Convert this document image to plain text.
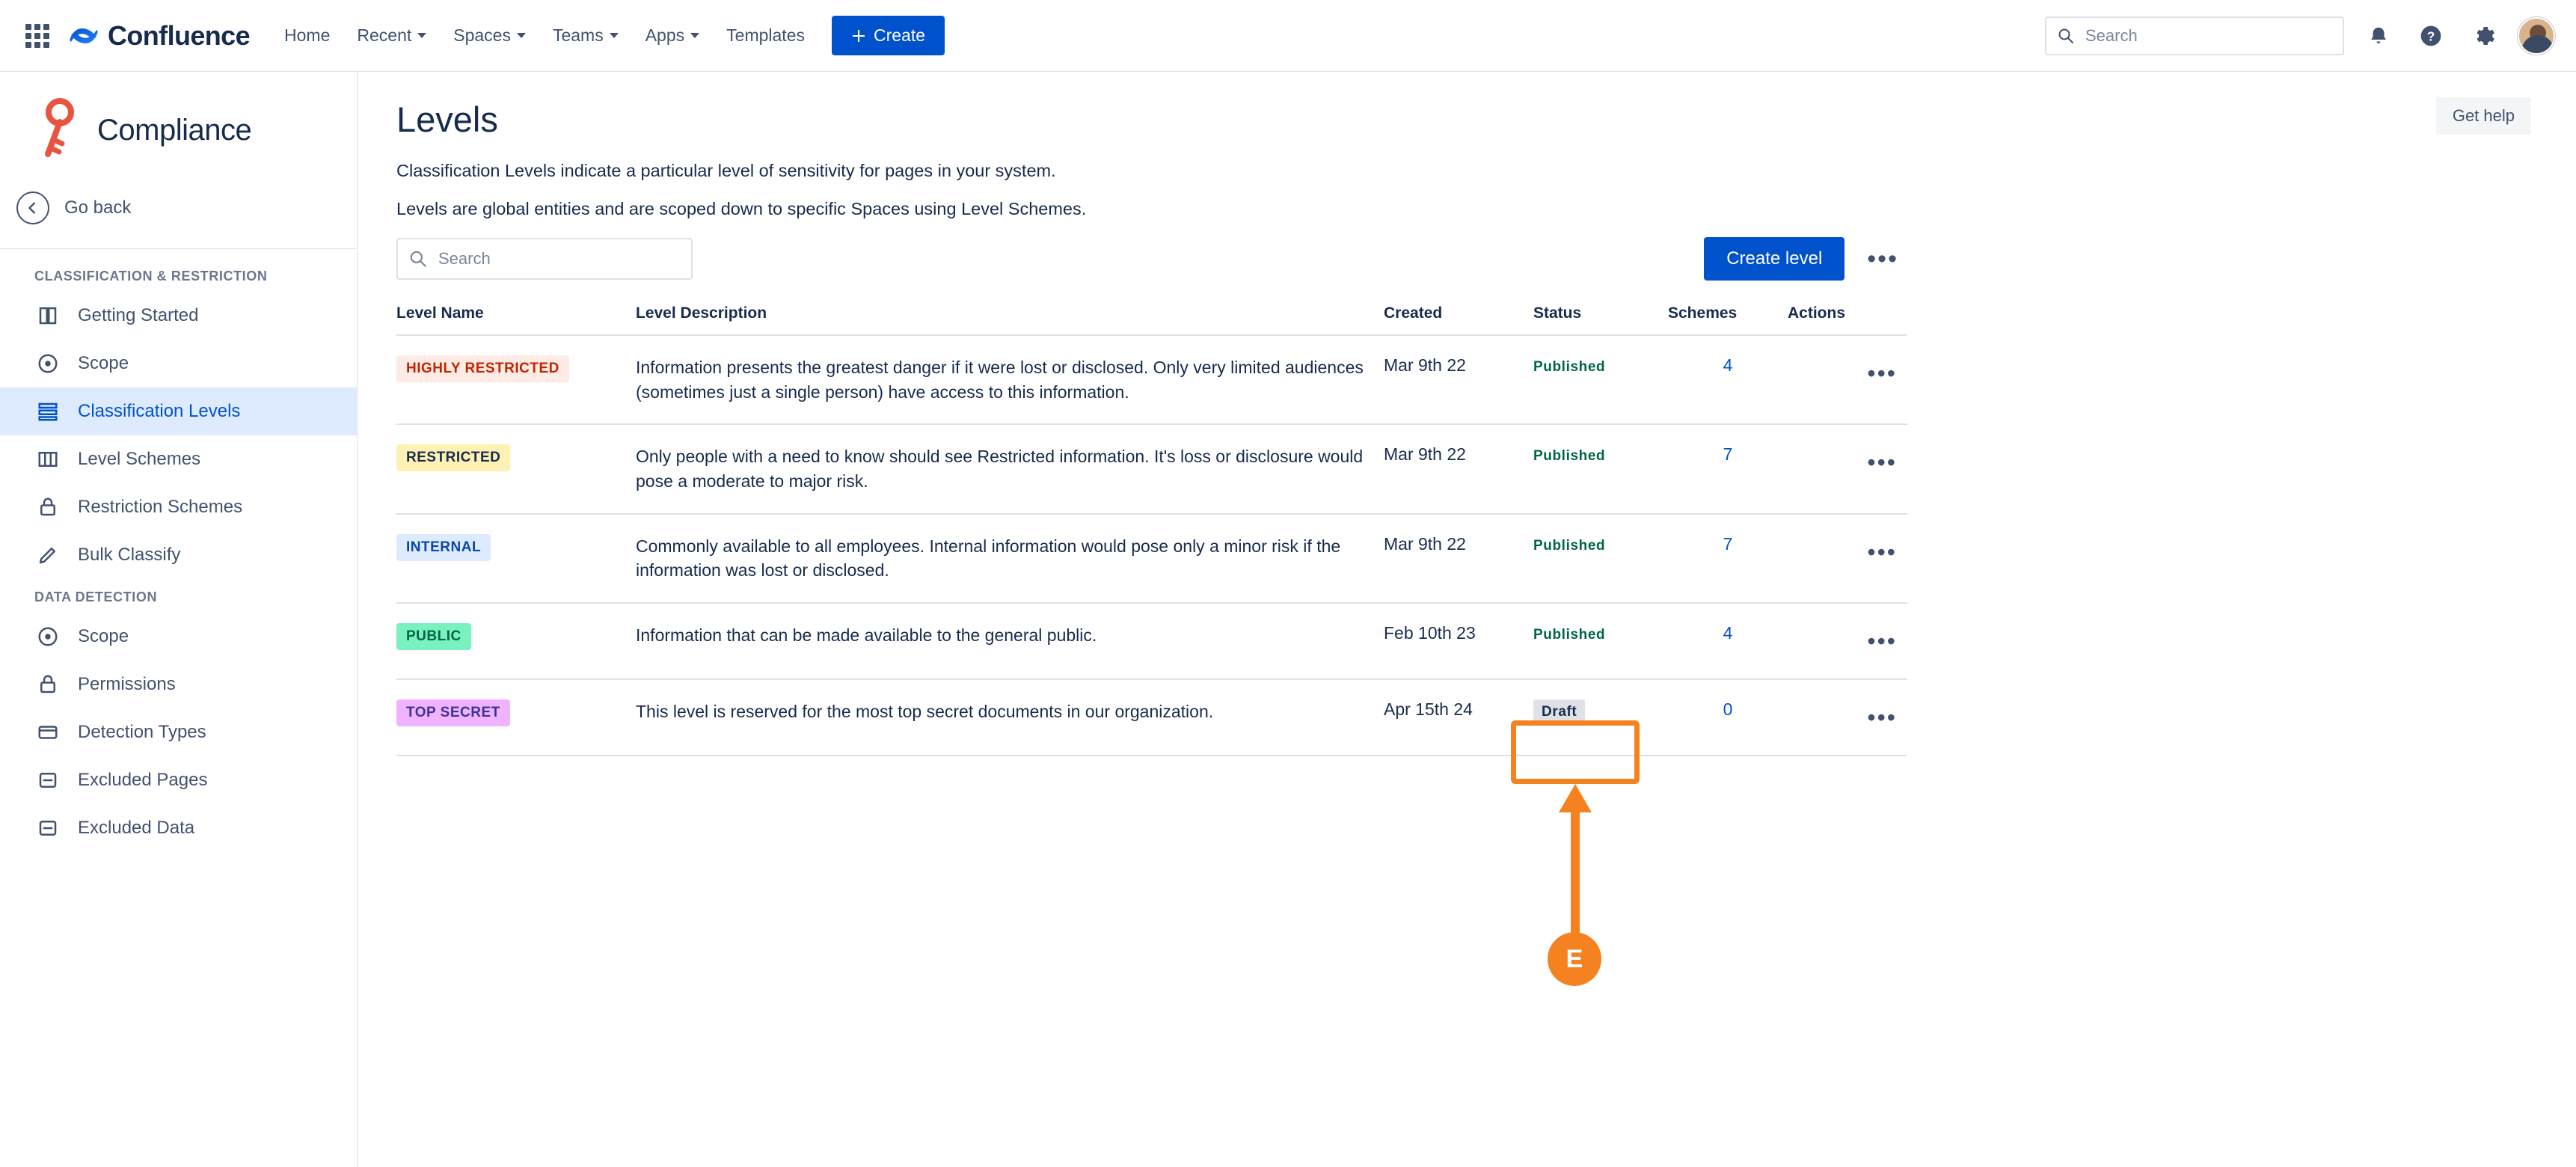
Confluence Home Recent Spaces Teams Apps Templates	Create
Search	?
Compliance
Go back
CLASSIFICATION & RESTRICTION
Getting Started
Scope
Classification Levels
Level Schemes
Restriction Schemes
Bulk Classify
DATA DETECTION
Scope
Permissions
Detection Types
Excluded Pages
Excluded Data
Get help
Levels

Classification Levels indicate a particular level of sensitivity for pages in your system.

Levels are global entities and are scoped down to specific Spaces using Level Schemes.

Search
Create level	•••
Level Name	Level Description	Created	Status	Schemes	Actions
HIGHLY RESTRICTED	Information presents the greatest danger if it were lost or disclosed. Only very limited audiences (sometimes just a single person) have access to this information.	Mar 9th 22	Published	4	•••
RESTRICTED	Only people with a need to know should see Restricted information. It's loss or disclosure would pose a moderate to major risk.	Mar 9th 22	Published	7	•••
INTERNAL	Commonly available to all employees. Internal information would pose only a minor risk if the information was lost or disclosed.	Mar 9th 22	Published	7	•••
PUBLIC	Information that can be made available to the general public.	Feb 10th 23	Published	4	•••
TOP SECRET	This level is reserved for the most top secret documents in our organization.	Apr 15th 24	Draft	0	•••
E
